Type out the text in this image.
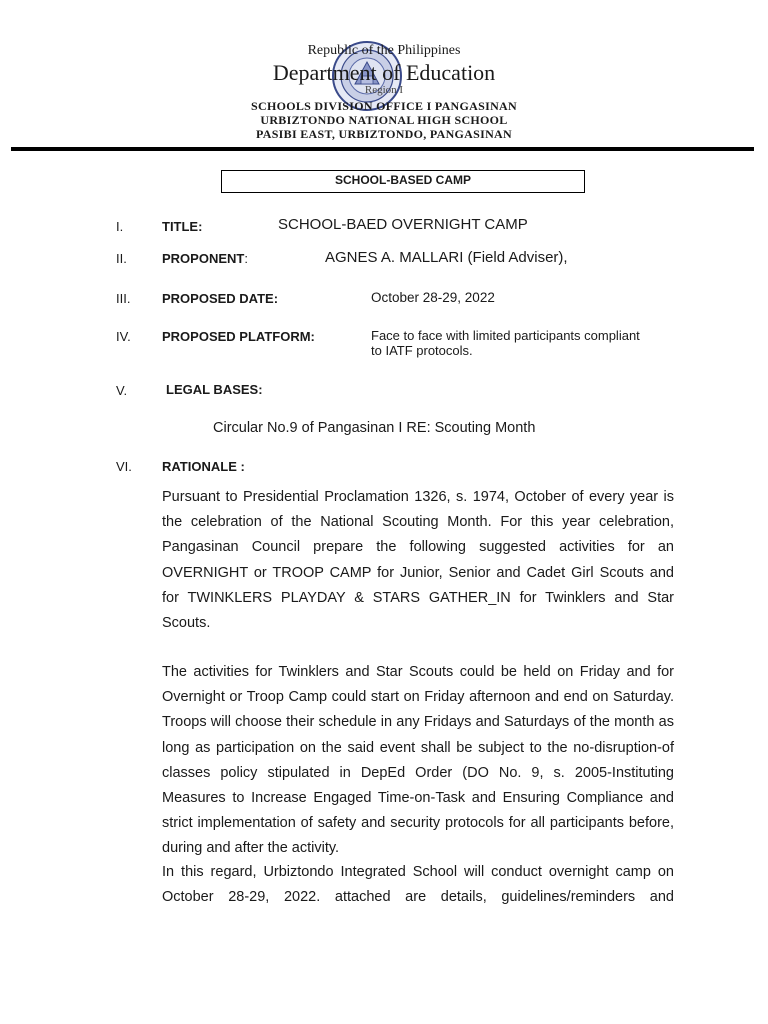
Republic of the Philippines
Department of Education
Region I
SCHOOLS DIVISION OFFICE I PANGASINAN
URBIZTONDO NATIONAL HIGH SCHOOL
PASIBI EAST, URBIZTONDO, PANGASINAN
SCHOOL-BASED CAMP
I.	TITLE:	SCHOOL-BAED OVERNIGHT CAMP
II.	PROPONENT:	AGNES A. MALLARI (Field Adviser),
III. PROPOSED DATE:	October 28-29, 2022
IV. PROPOSED PLATFORM:	Face to face with limited participants compliant
to IATF protocols.
V.	LEGAL BASES:
Circular No.9 of Pangasinan I RE: Scouting Month
VI. RATIONALE :
Pursuant to Presidential Proclamation 1326, s. 1974, October of every year is the celebration of the National Scouting Month. For this year celebration, Pangasinan Council prepare the following suggested activities for an OVERNIGHT or TROOP CAMP for Junior, Senior and Cadet Girl Scouts and for TWINKLERS PLAYDAY & STARS GATHER_IN for Twinklers and Star Scouts.
The activities for Twinklers and Star Scouts could be held on Friday and for Overnight or Troop Camp could start on Friday afternoon and end on Saturday. Troops will choose their schedule in any Fridays and Saturdays of the month as long as participation on the said event shall be subject to the no-disruption-of classes policy stipulated in DepEd Order (DO No. 9, s. 2005-Instituting Measures to Increase Engaged Time-on-Task and Ensuring Compliance and strict implementation of safety and security protocols for all participants before, during and after the activity.
In this regard, Urbiztondo Integrated School will conduct overnight camp on October 28-29, 2022. attached are details, guidelines/reminders and
